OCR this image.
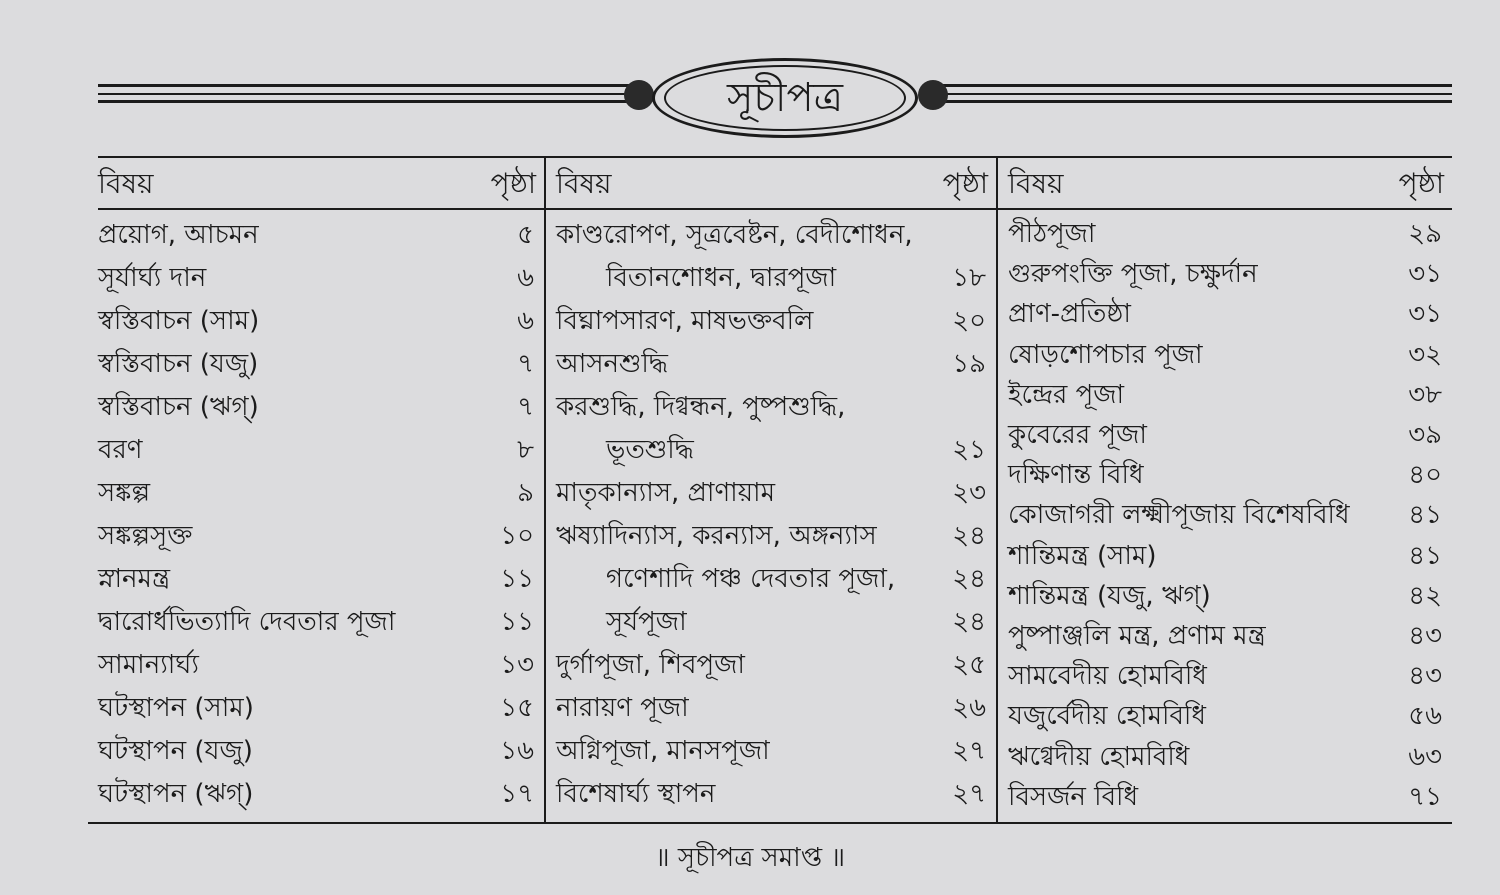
সূচীপত্র
বিষয়	পৃষ্ঠা
প্রয়োগ, আচমন	৫
সূর্যার্ঘ্য দান	৬
স্বস্তিবাচন (সাম)	৬
স্বস্তিবাচন (যজু)	৭
স্বস্তিবাচন (ঋগ্)	৭
বরণ	৮
সঙ্কল্প	৯
সঙ্কল্পসূক্ত	১০
স্নানমন্ত্র	১১
দ্বারোর্ধভিত্যাদি দেবতার পূজা	১১
সামান্যার্ঘ্য	১৩
ঘটস্থাপন (সাম)	১৫
ঘটস্থাপন (যজু)	১৬
ঘটস্থাপন (ঋগ্)	১৭
বিষয়	পৃষ্ঠা
কাণ্ডরোপণ, সূত্রবেষ্টন, বেদীশোধন,
বিতানশোধন, দ্বারপূজা	১৮
বিঘ্নাপসারণ, মাষভক্তবলি	২০
আসনশুদ্ধি	১৯
করশুদ্ধি, দিগ্বন্ধন, পুষ্পশুদ্ধি,
ভূতশুদ্ধি	২১
মাতৃকান্যাস, প্রাণায়াম	২৩
ঋষ্যাদিন্যাস, করন্যাস, অঙ্গন্যাস	২৪
গণেশাদি পঞ্চ দেবতার পূজা, ২৪
সূর্যপূজা	২৪
দুর্গাপূজা, শিবপূজা	২৫
নারায়ণ পূজা	২৬
অগ্নিপূজা, মানসপূজা	২৭
বিশেষার্ঘ্য স্থাপন	২৭
বিষয়	পৃষ্ঠা
পীঠপূজা	২৯
গুরুপংক্তি পূজা, চক্ষুর্দান	৩১
প্রাণ-প্রতিষ্ঠা	৩১
ষোড়শোপচার পূজা	৩২
ইন্দ্রের পূজা	৩৮
কুবেরের পূজা	৩৯
দক্ষিণান্ত বিধি	৪০
কোজাগরী লক্ষ্মীপূজায় বিশেষবিধি ৪১
শান্তিমন্ত্র (সাম)	৪১
শান্তিমন্ত্র (যজু, ঋগ্)	৪২
পুষ্পাঞ্জলি মন্ত্র, প্রণাম মন্ত্র	৪৩
সামবেদীয় হোমবিধি	৪৩
যজুর্বেদীয় হোমবিধি	৫৬
ঋগ্বেদীয় হোমবিধি	৬৩
বিসর্জন বিধি	৭১
॥ সূচীপত্র সমাপ্ত ॥
